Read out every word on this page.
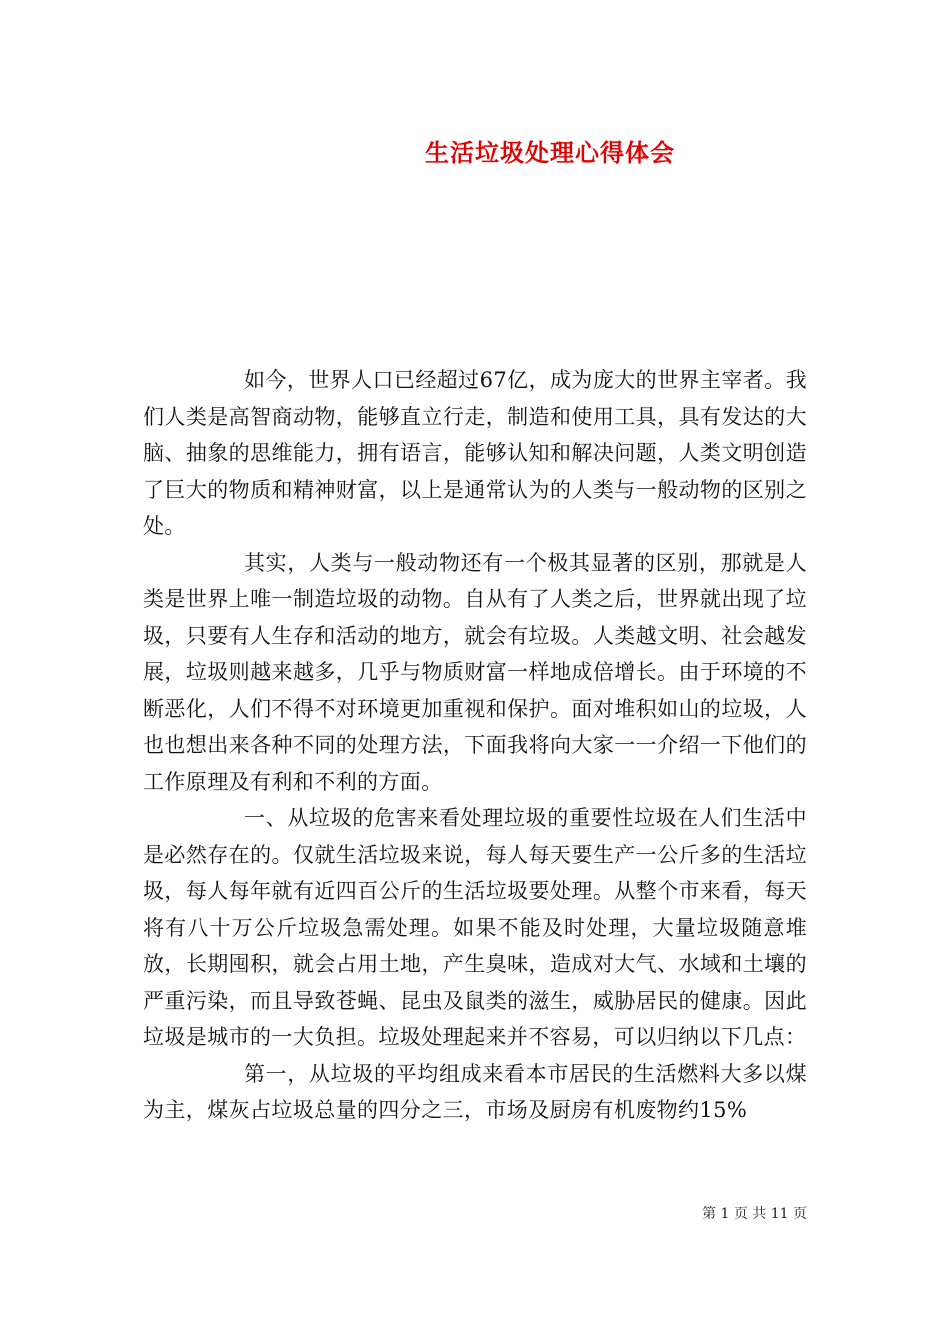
生活垃圾处理心得体会

如今，世界人口已经超过67亿，成为庞大的世界主宰者。我们人类是高智商动物，能够直立行走，制造和使用工具，具有发达的大脑、抽象的思维能力，拥有语言，能够认知和解决问题，人类文明创造了巨大的物质和精神财富，以上是通常认为的人类与一般动物的区别之处。

其实，人类与一般动物还有一个极其显著的区别，那就是人类是世界上唯一制造垃圾的动物。自从有了人类之后，世界就出现了垃圾，只要有人生存和活动的地方，就会有垃圾。人类越文明、社会越发展，垃圾则越来越多，几乎与物质财富一样地成倍增长。由于环境的不断恶化，人们不得不对环境更加重视和保护。面对堆积如山的垃圾，人也也想出来各种不同的处理方法，下面我将向大家一一介绍一下他们的工作原理及有利和不利的方面。

一、从垃圾的危害来看处理垃圾的重要性垃圾在人们生活中是必然存在的。仅就生活垃圾来说，每人每天要生产一公斤多的生活垃圾，每人每年就有近四百公斤的生活垃圾要处理。从整个市来看，每天将有八十万公斤垃圾急需处理。如果不能及时处理，大量垃圾随意堆放，长期囤积，就会占用土地，产生臭味，造成对大气、水域和土壤的严重污染，而且导致苍蝇、昆虫及鼠类的滋生，威胁居民的健康。因此垃圾是城市的一大负担。垃圾处理起来并不容易，可以归纳以下几点：

第一，从垃圾的平均组成来看本市居民的生活燃料大多以煤为主，煤灰占垃圾总量的四分之三，市场及厨房有机废物约15%

第 1 页 共 11 页
